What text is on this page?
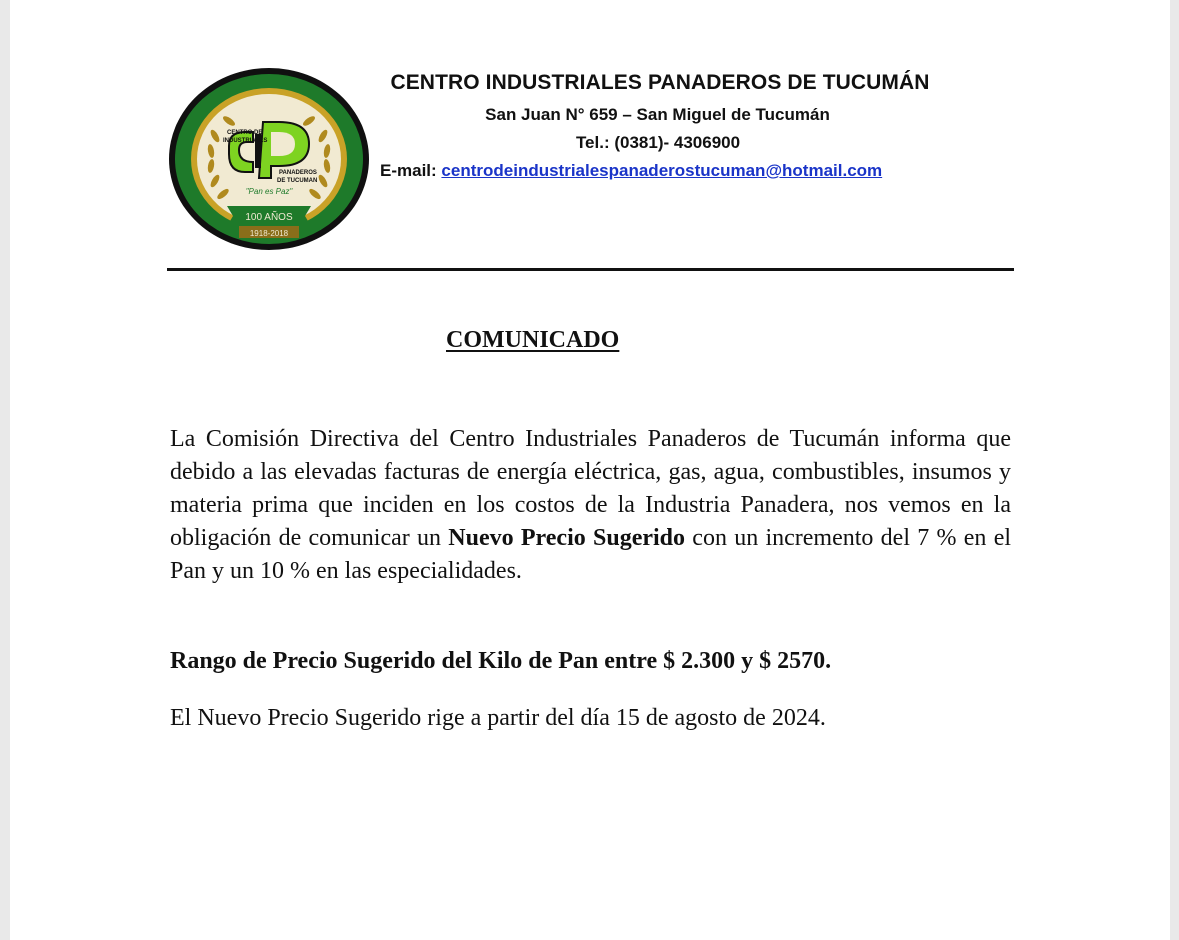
CENTRO DE
INDUSTRIALES
PANADEROS
DE TUCUMAN
"Pan es Paz"
100 AÑOS
1918-2018
CENTRO INDUSTRIALES PANADEROS DE TUCUMÁN
San Juan N° 659 – San Miguel de Tucumán
Tel.: (0381)- 4306900
E-mail: centrodeindustrialespanaderostucuman@hotmail.com
COMUNICADO
La Comisión Directiva del Centro Industriales Panaderos de Tucumán informa que debido a las elevadas facturas de energía eléctrica, gas, agua, combustibles, insumos y materia prima que inciden en los costos de la Industria Panadera, nos vemos en la obligación de comunicar un Nuevo Precio Sugerido con un incremento del 7 % en el Pan y un 10 % en las especialidades.
Rango de Precio Sugerido del Kilo de Pan entre $ 2.300 y $ 2570.
El Nuevo Precio Sugerido rige a partir del día 15 de agosto de 2024.
